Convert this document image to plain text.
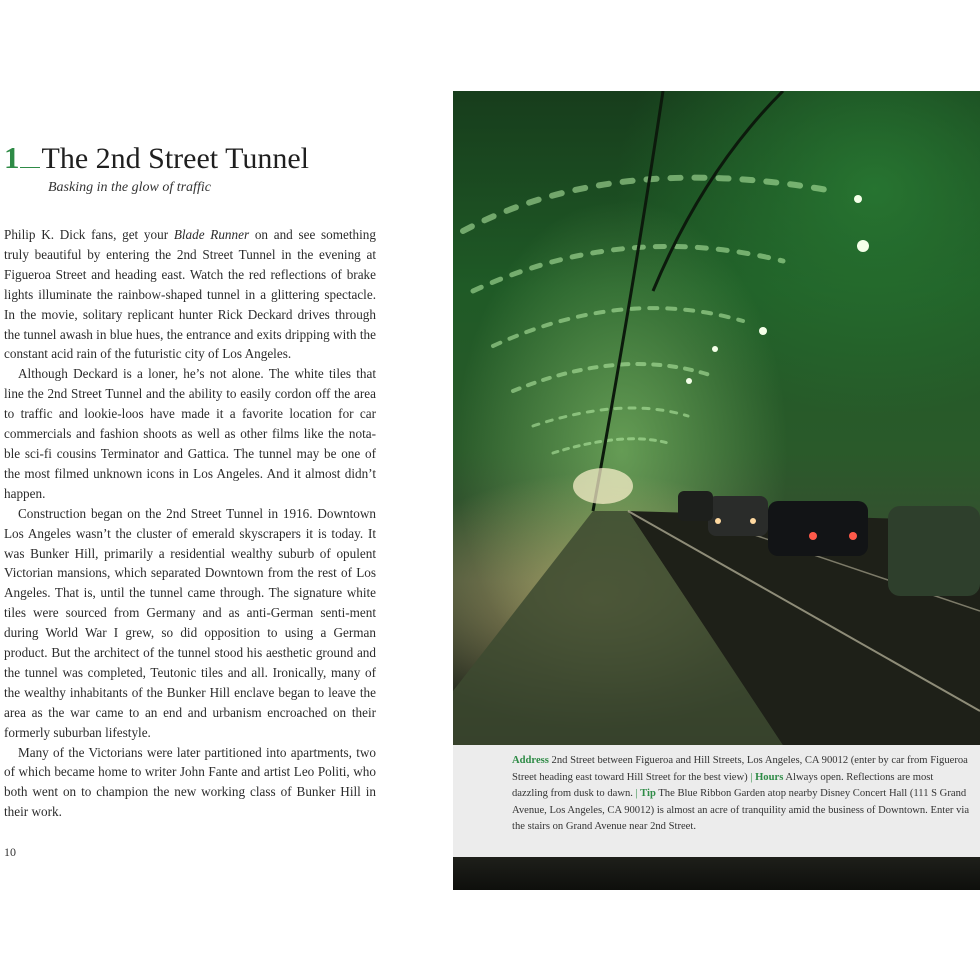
1 The 2nd Street Tunnel
Basking in the glow of traffic

Philip K. Dick fans, get your Blade Runner on and see something truly beautiful by entering the 2nd Street Tunnel in the evening at Figueroa Street and heading east. Watch the red reflections of brake lights illuminate the rainbow-shaped tunnel in a glittering spectacle. In the movie, solitary replicant hunter Rick Deckard drives through the tunnel awash in blue hues, the entrance and exits dripping with the constant acid rain of the futuristic city of Los Angeles.

Although Deckard is a loner, he’s not alone. The white tiles that line the 2nd Street Tunnel and the ability to easily cordon off the area to traffic and lookie-loos have made it a favorite location for car commercials and fashion shoots as well as other films like the nota-ble sci-fi cousins Terminator and Gattica. The tunnel may be one of the most filmed unknown icons in Los Angeles. And it almost didn’t happen.

Construction began on the 2nd Street Tunnel in 1916. Downtown Los Angeles wasn’t the cluster of emerald skyscrapers it is today. It was Bunker Hill, primarily a residential wealthy suburb of opulent Victorian mansions, which separated Downtown from the rest of Los Angeles. That is, until the tunnel came through. The signature white tiles were sourced from Germany and as anti-German senti-ment during World War I grew, so did opposition to using a German product. But the architect of the tunnel stood his aesthetic ground and the tunnel was completed, Teutonic tiles and all. Ironically, many of the wealthy inhabitants of the Bunker Hill enclave began to leave the area as the war came to an end and urbanism encroached on their formerly suburban lifestyle.

Many of the Victorians were later partitioned into apartments, two of which became home to writer John Fante and artist Leo Politi, who both went on to champion the new working class of Bunker Hill in their work.

10
Address 2nd Street between Figueroa and Hill Streets, Los Angeles, CA 90012 (enter by car from Figueroa Street heading east toward Hill Street for the best view) | Hours Always open. Reflections are most dazzling from dusk to dawn. | Tip The Blue Ribbon Garden atop nearby Disney Concert Hall (111 S Grand Avenue, Los Angeles, CA 90012) is almost an acre of tranquility amid the business of Downtown. Enter via the stairs on Grand Avenue near 2nd Street.
